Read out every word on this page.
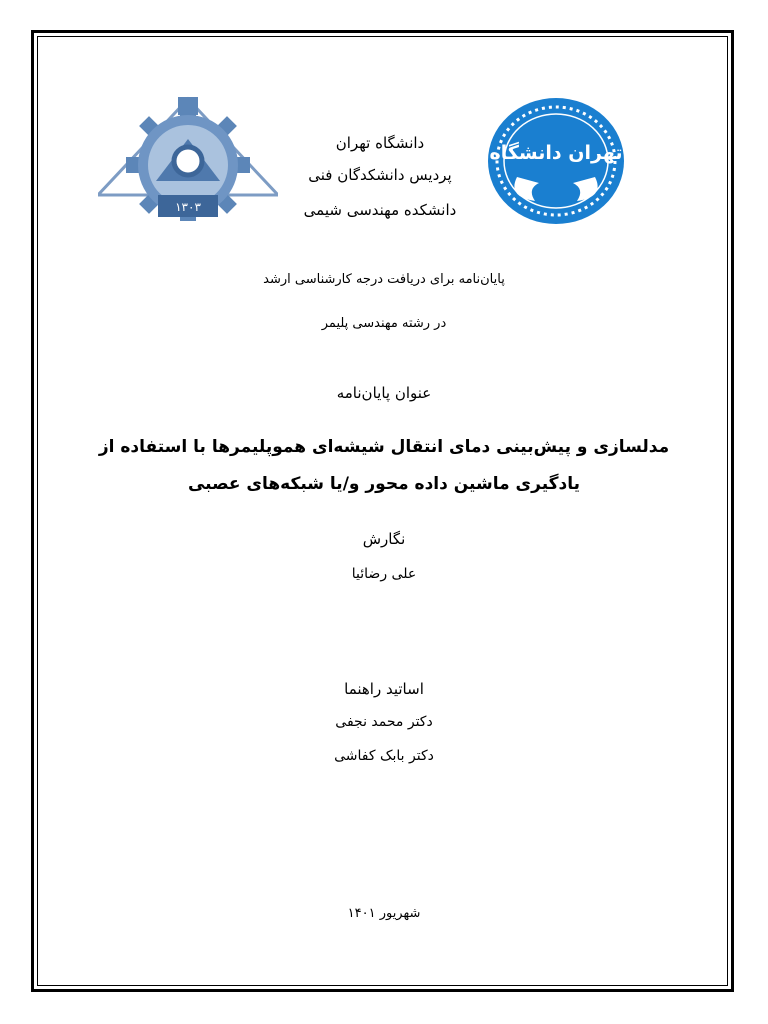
۱۳۰۳
تهران دانشگاه
دانشگاه تهران
پردیس دانشکدگان فنی
دانشکده مهندسی شیمی
پایان‌نامه برای دریافت درجه کارشناسی ارشد
در رشته مهندسی پلیمر
عنوان پایان‌نامه
مدلسازی و پیش‌بینی دمای انتقال شیشه‌ای هموپلیمرها با استفاده از
یادگیری ماشین داده محور و/یا شبکه‌های عصبی
نگارش
علی رضائیا
اساتید راهنما
دکتر محمد نجفی
دکتر بابک کفاشی
شهریور ۱۴۰۱
